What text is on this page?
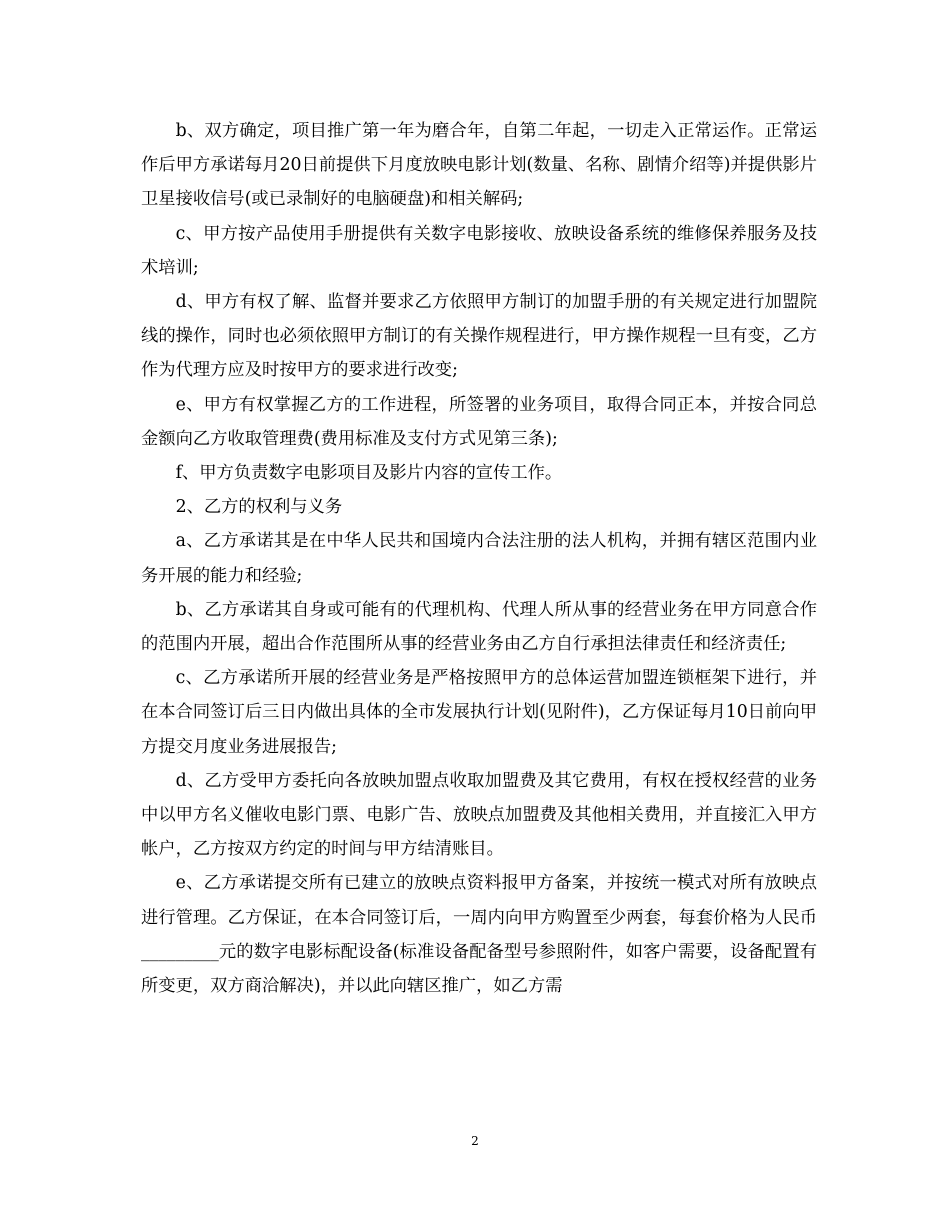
b、双方确定，项目推广第一年为磨合年，自第二年起，一切走入正常运作。正常运作后甲方承诺每月20日前提供下月度放映电影计划(数量、名称、剧情介绍等)并提供影片卫星接收信号(或已录制好的电脑硬盘)和相关解码;

c、甲方按产品使用手册提供有关数字电影接收、放映设备系统的维修保养服务及技术培训;

d、甲方有权了解、监督并要求乙方依照甲方制订的加盟手册的有关规定进行加盟院线的操作，同时也必须依照甲方制订的有关操作规程进行，甲方操作规程一旦有变，乙方作为代理方应及时按甲方的要求进行改变;

e、甲方有权掌握乙方的工作进程，所签署的业务项目，取得合同正本，并按合同总金额向乙方收取管理费(费用标准及支付方式见第三条);

f、甲方负责数字电影项目及影片内容的宣传工作。

2、乙方的权利与义务

a、乙方承诺其是在中华人民共和国境内合法注册的法人机构，并拥有辖区范围内业务开展的能力和经验;

b、乙方承诺其自身或可能有的代理机构、代理人所从事的经营业务在甲方同意合作的范围内开展，超出合作范围所从事的经营业务由乙方自行承担法律责任和经济责任;

c、乙方承诺所开展的经营业务是严格按照甲方的总体运营加盟连锁框架下进行，并在本合同签订后三日内做出具体的全市发展执行计划(见附件)，乙方保证每月10日前向甲方提交月度业务进展报告;

d、乙方受甲方委托向各放映加盟点收取加盟费及其它费用，有权在授权经营的业务中以甲方名义催收电影门票、电影广告、放映点加盟费及其他相关费用，并直接汇入甲方帐户，乙方按双方约定的时间与甲方结清账目。

e、乙方承诺提交所有已建立的放映点资料报甲方备案，并按统一模式对所有放映点进行管理。乙方保证，在本合同签订后，一周内向甲方购置至少两套，每套价格为人民币_________元的数字电影标配设备(标准设备配备型号参照附件，如客户需要，设备配置有所变更，双方商洽解决)，并以此向辖区推广，如乙方需

2
